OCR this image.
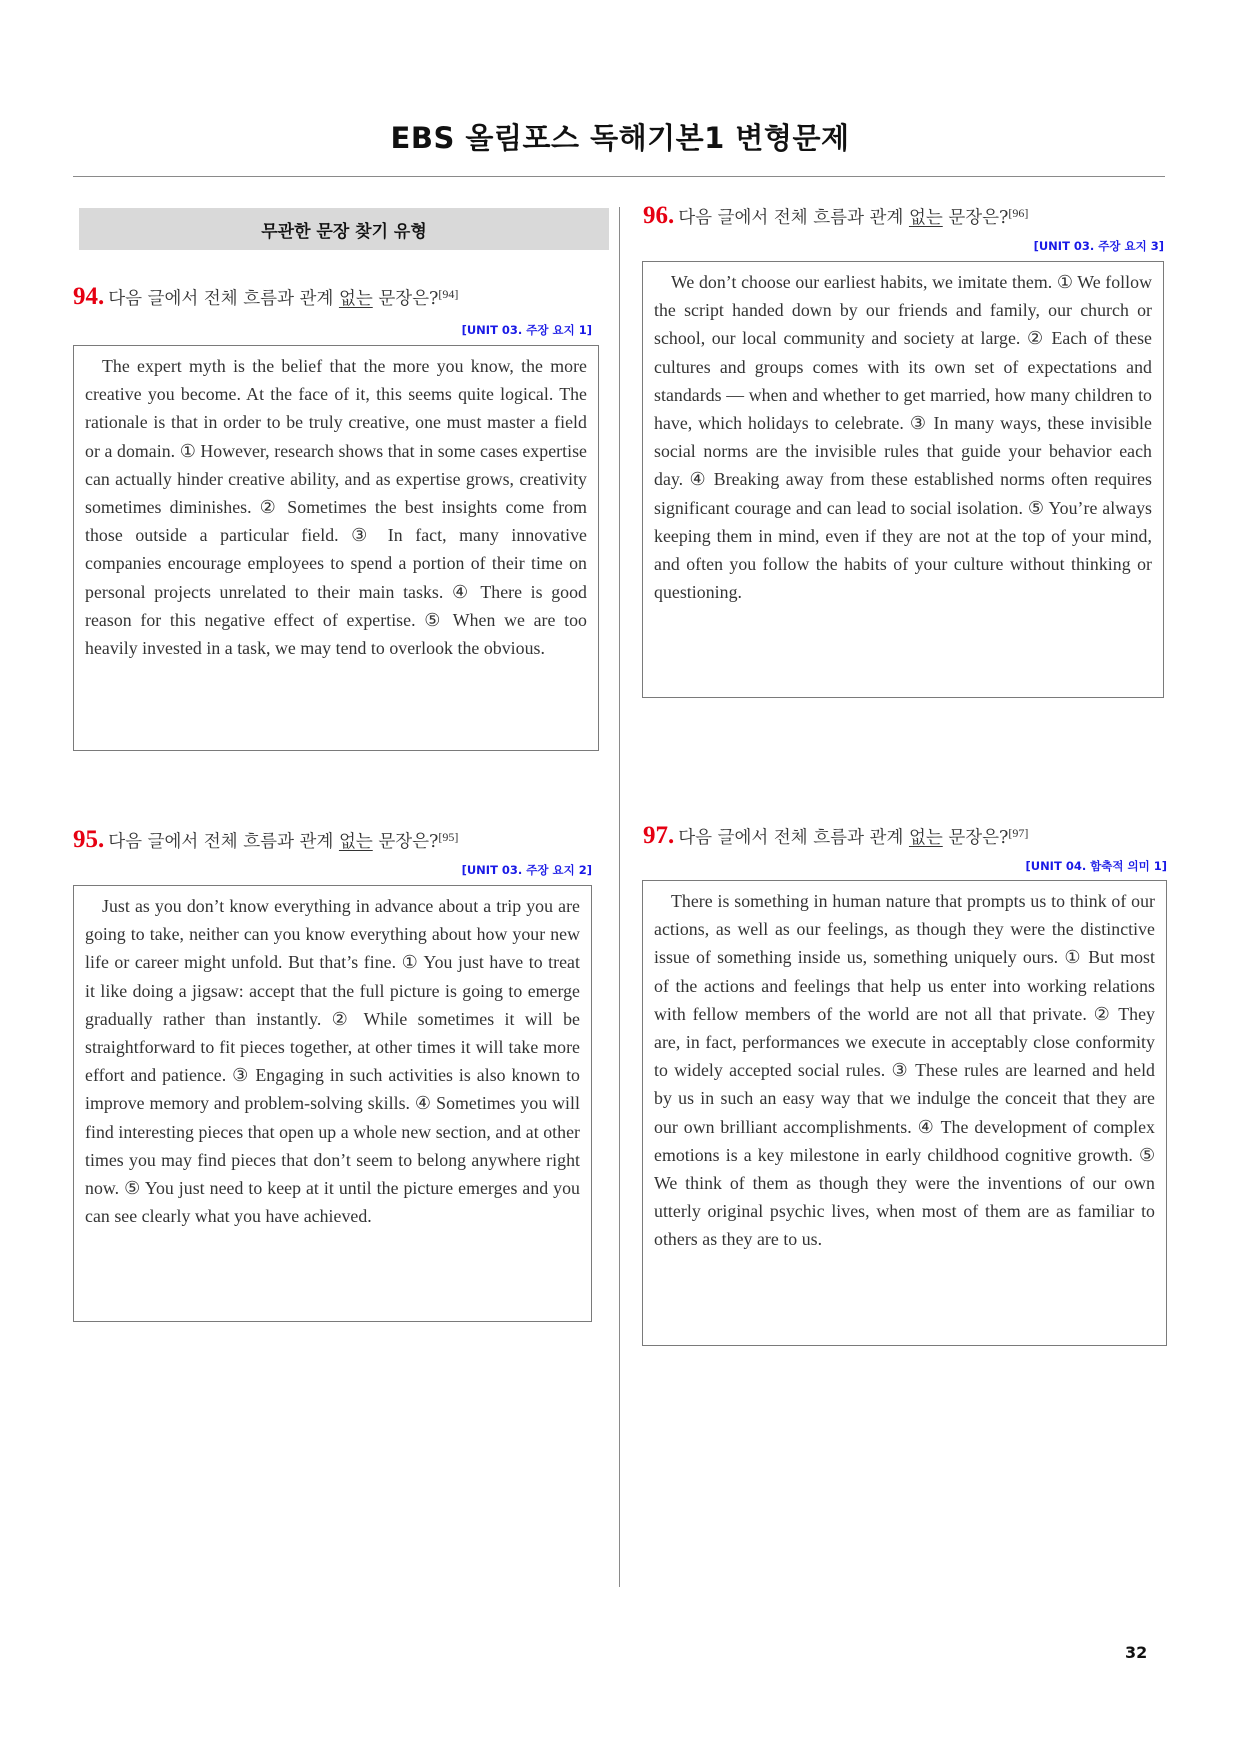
EBS 올림포스 독해기본1 변형문제
무관한 문장 찾기 유형
94. 다음 글에서 전체 흐름과 관계 없는 문장은?[94]
[UNIT 03. 주장 요지 1]

The expert myth is the belief that the more you know, the more creative you become. At the face of it, this seems quite logical. The rationale is that in order to be truly creative, one must master a field or a domain. ① However, research shows that in some cases expertise can actually hinder creative ability, and as expertise grows, creativity sometimes diminishes. ② Sometimes the best insights come from those outside a particular field. ③ In fact, many innovative companies encourage employees to spend a portion of their time on personal projects unrelated to their main tasks. ④ There is good reason for this negative effect of expertise. ⑤ When we are too heavily invested in a task, we may tend to overlook the obvious.

95. 다음 글에서 전체 흐름과 관계 없는 문장은?[95]
[UNIT 03. 주장 요지 2]

Just as you don’t know everything in advance about a trip you are going to take, neither can you know everything about how your new life or career might unfold. But that’s fine. ① You just have to treat it like doing a jigsaw: accept that the full picture is going to emerge gradually rather than instantly. ② While sometimes it will be straightforward to fit pieces together, at other times it will take more effort and patience. ③ Engaging in such activities is also known to improve memory and problem-solving skills. ④ Sometimes you will find interesting pieces that open up a whole new section, and at other times you may find pieces that don’t seem to belong anywhere right now. ⑤ You just need to keep at it until the picture emerges and you can see clearly what you have achieved.

96. 다음 글에서 전체 흐름과 관계 없는 문장은?[96]
[UNIT 03. 주장 요지 3]

We don’t choose our earliest habits, we imitate them. ① We follow the script handed down by our friends and family, our church or school, our local community and society at large. ② Each of these cultures and groups comes with its own set of expectations and standards — when and whether to get married, how many children to have, which holidays to celebrate. ③ In many ways, these invisible social norms are the invisible rules that guide your behavior each day. ④ Breaking away from these established norms often requires significant courage and can lead to social isolation. ⑤ You’re always keeping them in mind, even if they are not at the top of your mind, and often you follow the habits of your culture without thinking or questioning.

97. 다음 글에서 전체 흐름과 관계 없는 문장은?[97]
[UNIT 04. 함축적 의미 1]

There is something in human nature that prompts us to think of our actions, as well as our feelings, as though they were the distinctive issue of something inside us, something uniquely ours. ① But most of the actions and feelings that help us enter into working relations with fellow members of the world are not all that private. ② They are, in fact, performances we execute in acceptably close conformity to widely accepted social rules. ③ These rules are learned and held by us in such an easy way that we indulge the conceit that they are our own brilliant accomplishments. ④ The development of complex emotions is a key milestone in early childhood cognitive growth. ⑤ We think of them as though they were the inventions of our own utterly original psychic lives, when most of them are as familiar to others as they are to us.

32
